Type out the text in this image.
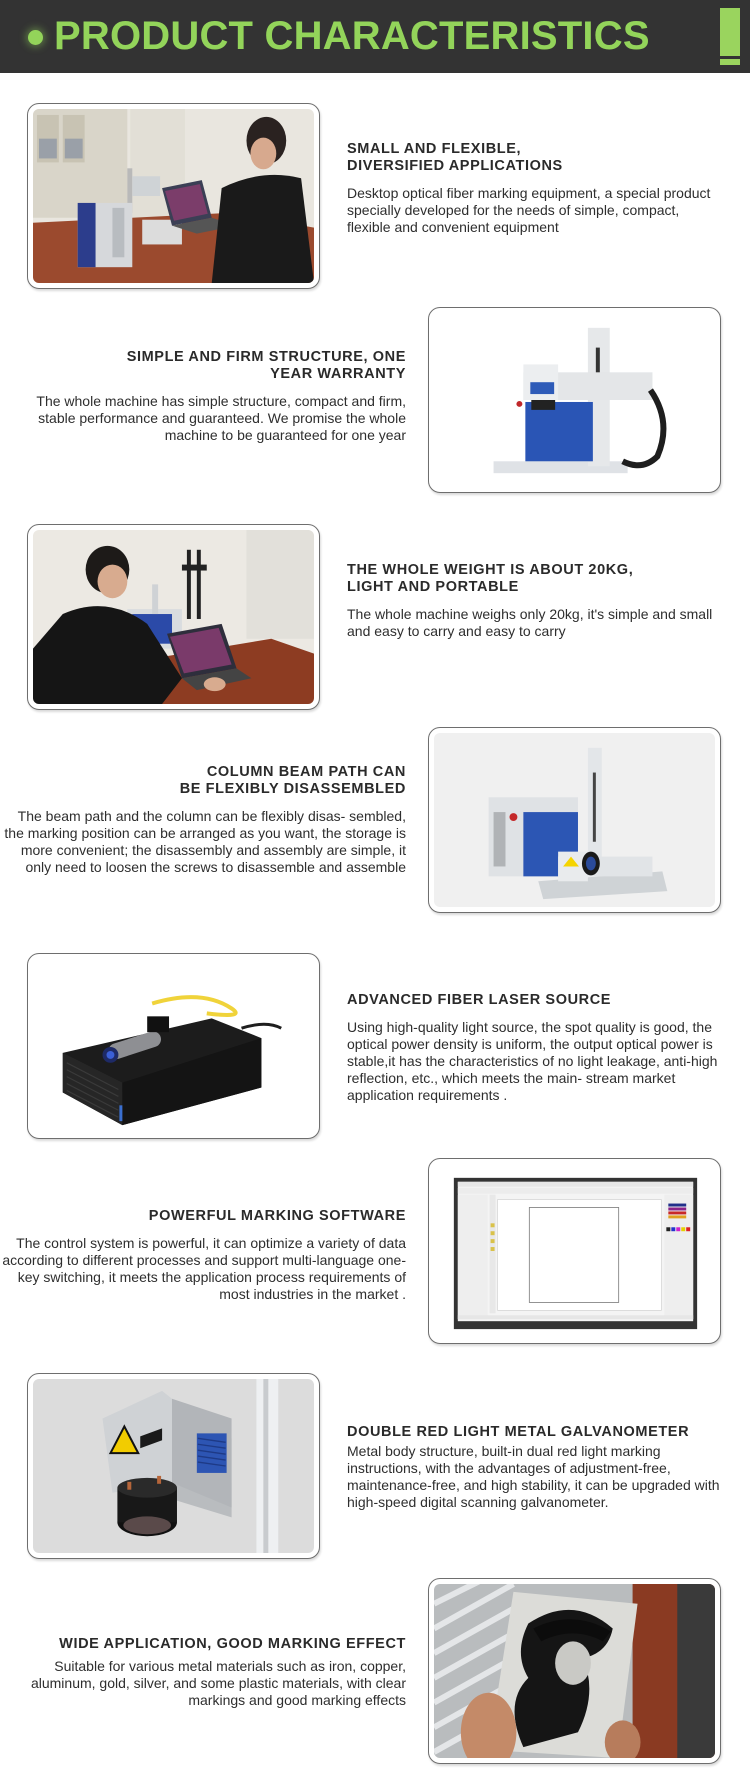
PRODUCT CHARACTERISTICS
SMALL AND FLEXIBLE,
DIVERSIFIED APPLICATIONS
Desktop optical fiber marking equipment, a special product specially developed for the needs of simple, compact, flexible and convenient equipment
SIMPLE AND FIRM STRUCTURE, ONE
YEAR WARRANTY
The whole machine has simple structure, compact and firm, stable performance and guaranteed. We promise the whole machine to be guaranteed for one year
THE WHOLE WEIGHT IS ABOUT 20KG,
LIGHT AND PORTABLE
The whole machine weighs only 20kg, it's simple and small and easy to carry and easy to carry
COLUMN BEAM PATH CAN
BE FLEXIBLY DISASSEMBLED
The beam path and the column can be flexibly disas- sembled, the marking position can be arranged as you want, the storage is more convenient; the disassembly and assembly are simple, it only need to loosen the screws to disassemble and assemble
ADVANCED FIBER LASER SOURCE
Using high-quality light source, the spot quality is good, the optical power density is uniform, the output optical power is stable,it has the characteristics of no light leakage, anti-high reflection, etc., which meets the main- stream market application requirements .
POWERFUL MARKING SOFTWARE
The control system is powerful, it can optimize a variety of data according to different processes and support multi-language one-key switching, it meets the application process requirements of most industries in the market .
DOUBLE RED LIGHT METAL GALVANOMETER
Metal body structure, built-in dual red light marking instructions, with the advantages of adjustment-free, maintenance-free, and high stability, it can be upgraded with high-speed digital scanning galvanometer.
WIDE APPLICATION, GOOD MARKING EFFECT
Suitable for various metal materials such as iron, copper, aluminum, gold, silver, and some plastic materials, with clear markings and good marking effects
